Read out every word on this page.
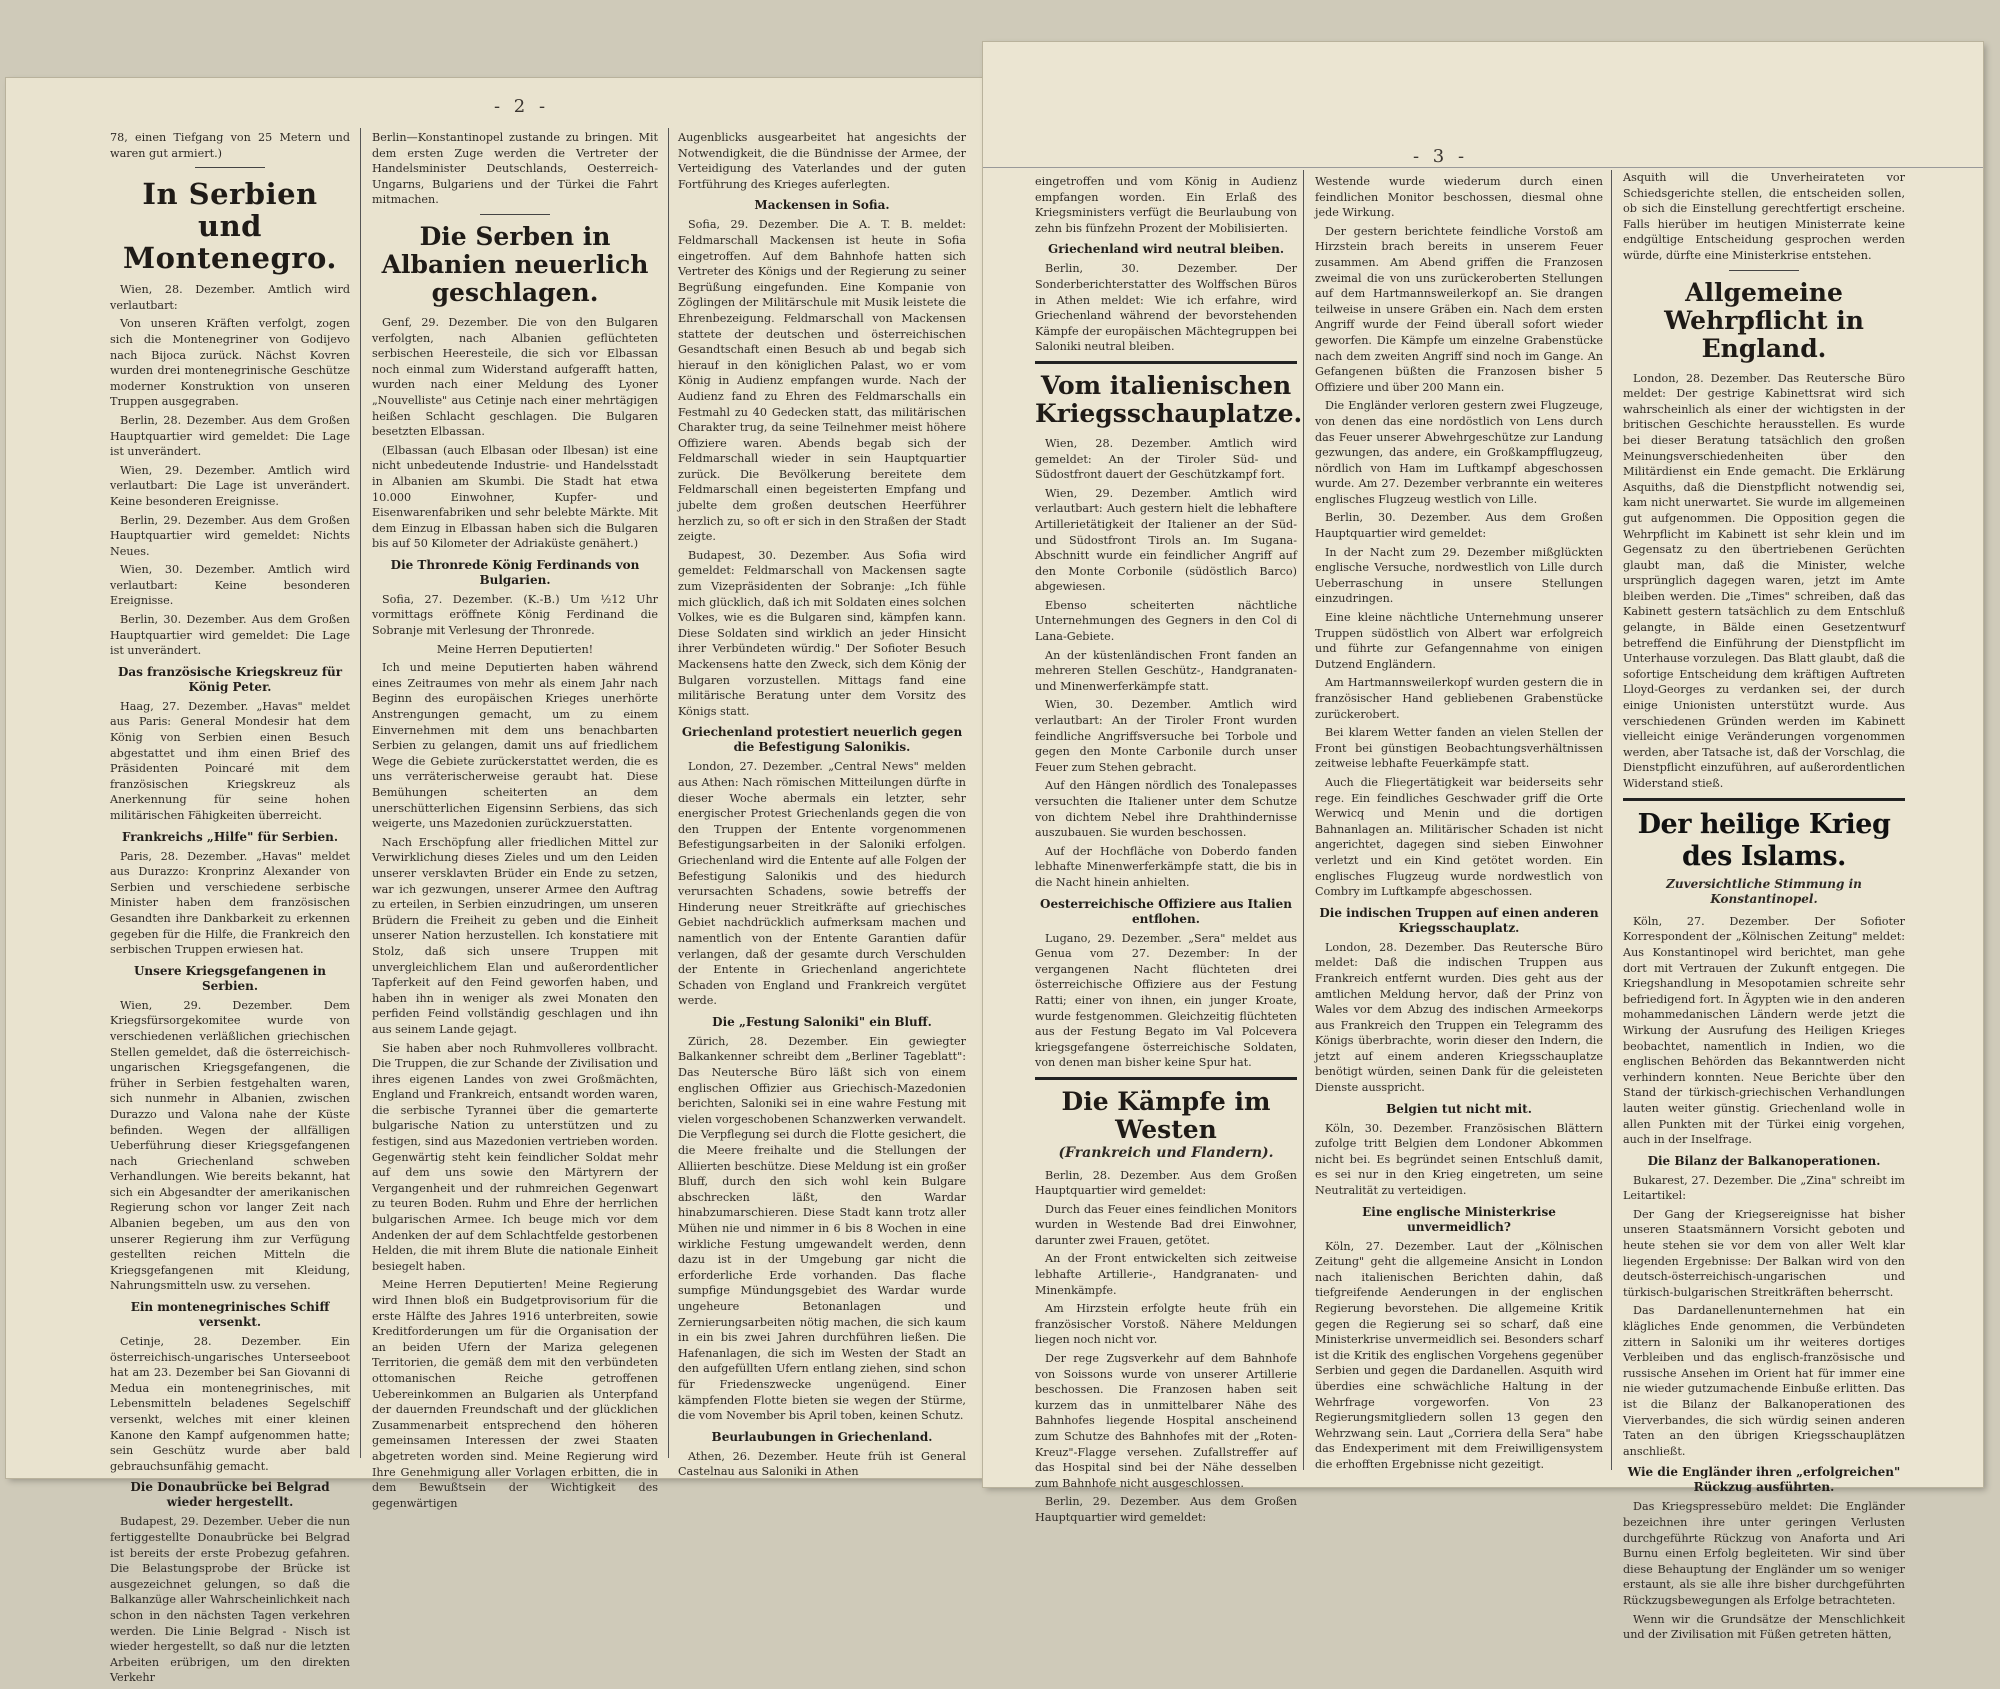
- 2 -

78, einen Tiefgang von 25 Metern und waren gut armiert.)

In Serbien und Montenegro.

Wien, 28. Dezember. Amtlich wird verlautbart:

Von unseren Kräften verfolgt, zogen sich die Montenegriner von Godijevo nach Bijoca zurück. Nächst Kovren wurden drei montenegrinische Geschütze moderner Konstruktion von unseren Truppen ausgegraben.

Berlin, 28. Dezember. Aus dem Großen Hauptquartier wird gemeldet: Die Lage ist unverändert.

Wien, 29. Dezember. Amtlich wird verlautbart: Die Lage ist unverändert. Keine besonderen Ereignisse.

Berlin, 29. Dezember. Aus dem Großen Hauptquartier wird gemeldet: Nichts Neues.

Wien, 30. Dezember. Amtlich wird verlautbart: Keine besonderen Ereignisse.

Berlin, 30. Dezember. Aus dem Großen Hauptquartier wird gemeldet: Die Lage ist unverändert.

Das französische Kriegskreuz für König Peter.

Haag, 27. Dezember. „Havas" meldet aus Paris: General Mondesir hat dem König von Serbien einen Besuch abgestattet und ihm einen Brief des Präsidenten Poincaré mit dem französischen Kriegskreuz als Anerkennung für seine hohen militärischen Fähigkeiten überreicht.

Frankreichs „Hilfe" für Serbien.

Paris, 28. Dezember. „Havas" meldet aus Durazzo: Kronprinz Alexander von Serbien und verschiedene serbische Minister haben dem französischen Gesandten ihre Dankbarkeit zu erkennen gegeben für die Hilfe, die Frankreich den serbischen Truppen erwiesen hat.

Unsere Kriegsgefangenen in Serbien.

Wien, 29. Dezember. Dem Kriegsfürsorgekomitee wurde von verschiedenen verläßlichen griechischen Stellen gemeldet, daß die österreichisch-ungarischen Kriegsgefangenen, die früher in Serbien festgehalten waren, sich nunmehr in Albanien, zwischen Durazzo und Valona nahe der Küste befinden. Wegen der allfälligen Ueberführung dieser Kriegsgefangenen nach Griechenland schweben Verhandlungen. Wie bereits bekannt, hat sich ein Abgesandter der amerikanischen Regierung schon vor langer Zeit nach Albanien begeben, um aus den von unserer Regierung ihm zur Verfügung gestellten reichen Mitteln die Kriegsgefangenen mit Kleidung, Nahrungsmitteln usw. zu versehen.

Ein montenegrinisches Schiff versenkt.

Cetinje, 28. Dezember. Ein österreichisch-ungarisches Unterseeboot hat am 23. Dezember bei San Giovanni di Medua ein montenegrinisches, mit Lebensmitteln beladenes Segelschiff versenkt, welches mit einer kleinen Kanone den Kampf aufgenommen hatte; sein Geschütz wurde aber bald gebrauchsunfähig gemacht.

Die Donaubrücke bei Belgrad wieder hergestellt.

Budapest, 29. Dezember. Ueber die nun fertiggestellte Donaubrücke bei Belgrad ist bereits der erste Probezug gefahren. Die Belastungsprobe der Brücke ist ausgezeichnet gelungen, so daß die Balkanzüge aller Wahrscheinlichkeit nach schon in den nächsten Tagen verkehren werden. Die Linie Belgrad - Nisch ist wieder hergestellt, so daß nur die letzten Arbeiten erübrigen, um den direkten Verkehr

Berlin—Konstantinopel zustande zu bringen. Mit dem ersten Zuge werden die Vertreter der Handelsminister Deutschlands, Oesterreich-Ungarns, Bulgariens und der Türkei die Fahrt mitmachen.

Die Serben in Albanien neuerlich geschlagen.

Genf, 29. Dezember. Die von den Bulgaren verfolgten, nach Albanien geflüchteten serbischen Heeresteile, die sich vor Elbassan noch einmal zum Widerstand aufgerafft hatten, wurden nach einer Meldung des Lyoner „Nouvelliste" aus Cetinje nach einer mehrtägigen heißen Schlacht geschlagen. Die Bulgaren besetzten Elbassan.

(Elbassan (auch Elbasan oder Ilbesan) ist eine nicht unbedeutende Industrie- und Handelsstadt in Albanien am Skumbi. Die Stadt hat etwa 10.000 Einwohner, Kupfer- und Eisenwarenfabriken und sehr belebte Märkte. Mit dem Einzug in Elbassan haben sich die Bulgaren bis auf 50 Kilometer der Adriaküste genähert.)

Die Thronrede König Ferdinands von Bulgarien.

Sofia, 27. Dezember. (K.-B.) Um ½12 Uhr vormittags eröffnete König Ferdinand die Sobranje mit Verlesung der Thronrede.

Meine Herren Deputierten!

Ich und meine Deputierten haben während eines Zeitraumes von mehr als einem Jahr nach Beginn des europäischen Krieges unerhörte Anstrengungen gemacht, um zu einem Einvernehmen mit dem uns benachbarten Serbien zu gelangen, damit uns auf friedlichem Wege die Gebiete zurückerstattet werden, die es uns verräterischerweise geraubt hat. Diese Bemühungen scheiterten an dem unerschütterlichen Eigensinn Serbiens, das sich weigerte, uns Mazedonien zurückzuerstatten.

Nach Erschöpfung aller friedlichen Mittel zur Verwirklichung dieses Zieles und um den Leiden unserer versklavten Brüder ein Ende zu setzen, war ich gezwungen, unserer Armee den Auftrag zu erteilen, in Serbien einzudringen, um unseren Brüdern die Freiheit zu geben und die Einheit unserer Nation herzustellen. Ich konstatiere mit Stolz, daß sich unsere Truppen mit unvergleichlichem Elan und außerordentlicher Tapferkeit auf den Feind geworfen haben, und haben ihn in weniger als zwei Monaten den perfiden Feind vollständig geschlagen und ihn aus seinem Lande gejagt.

Sie haben aber noch Ruhmvolleres vollbracht. Die Truppen, die zur Schande der Zivilisation und ihres eigenen Landes von zwei Großmächten, England und Frankreich, entsandt worden waren, die serbische Tyrannei über die gemarterte bulgarische Nation zu unterstützen und zu festigen, sind aus Mazedonien vertrieben worden. Gegenwärtig steht kein feindlicher Soldat mehr auf dem uns sowie den Märtyrern der Vergangenheit und der ruhmreichen Gegenwart zu teuren Boden. Ruhm und Ehre der herrlichen bulgarischen Armee. Ich beuge mich vor dem Andenken der auf dem Schlachtfelde gestorbenen Helden, die mit ihrem Blute die nationale Einheit besiegelt haben.

Meine Herren Deputierten! Meine Regierung wird Ihnen bloß ein Budgetprovisorium für die erste Hälfte des Jahres 1916 unterbreiten, sowie Kreditforderungen um für die Organisation der an beiden Ufern der Mariza gelegenen Territorien, die gemäß dem mit den verbündeten ottomanischen Reiche getroffenen Uebereinkommen an Bulgarien als Unterpfand der dauernden Freundschaft und der glücklichen Zusammenarbeit entsprechend den höheren gemeinsamen Interessen der zwei Staaten abgetreten worden sind. Meine Regierung wird Ihre Genehmigung aller Vorlagen erbitten, die in dem Bewußtsein der Wichtigkeit des gegenwärtigen

Augenblicks ausgearbeitet hat angesichts der Notwendigkeit, die die Bündnisse der Armee, der Verteidigung des Vaterlandes und der guten Fortführung des Krieges auferlegten.

Mackensen in Sofia.

Sofia, 29. Dezember. Die A. T. B. meldet: Feldmarschall Mackensen ist heute in Sofia eingetroffen. Auf dem Bahnhofe hatten sich Vertreter des Königs und der Regierung zu seiner Begrüßung eingefunden. Eine Kompanie von Zöglingen der Militärschule mit Musik leistete die Ehrenbezeigung. Feldmarschall von Mackensen stattete der deutschen und österreichischen Gesandtschaft einen Besuch ab und begab sich hierauf in den königlichen Palast, wo er vom König in Audienz empfangen wurde. Nach der Audienz fand zu Ehren des Feldmarschalls ein Festmahl zu 40 Gedecken statt, das militärischen Charakter trug, da seine Teilnehmer meist höhere Offiziere waren. Abends begab sich der Feldmarschall wieder in sein Hauptquartier zurück. Die Bevölkerung bereitete dem Feldmarschall einen begeisterten Empfang und jubelte dem großen deutschen Heerführer herzlich zu, so oft er sich in den Straßen der Stadt zeigte.

Budapest, 30. Dezember. Aus Sofia wird gemeldet: Feldmarschall von Mackensen sagte zum Vizepräsidenten der Sobranje: „Ich fühle mich glücklich, daß ich mit Soldaten eines solchen Volkes, wie es die Bulgaren sind, kämpfen kann. Diese Soldaten sind wirklich an jeder Hinsicht ihrer Verbündeten würdig." Der Sofioter Besuch Mackensens hatte den Zweck, sich dem König der Bulgaren vorzustellen. Mittags fand eine militärische Beratung unter dem Vorsitz des Königs statt.

Griechenland protestiert neuerlich gegen die Befestigung Salonikis.

London, 27. Dezember. „Central News" melden aus Athen: Nach römischen Mitteilungen dürfte in dieser Woche abermals ein letzter, sehr energischer Protest Griechenlands gegen die von den Truppen der Entente vorgenommenen Befestigungsarbeiten in der Saloniki erfolgen. Griechenland wird die Entente auf alle Folgen der Befestigung Salonikis und des hiedurch verursachten Schadens, sowie betreffs der Hinderung neuer Streitkräfte auf griechisches Gebiet nachdrücklich aufmerksam machen und namentlich von der Entente Garantien dafür verlangen, daß der gesamte durch Verschulden der Entente in Griechenland angerichtete Schaden von England und Frankreich vergütet werde.

Die „Festung Saloniki" ein Bluff.

Zürich, 28. Dezember. Ein gewiegter Balkankenner schreibt dem „Berliner Tageblatt": Das Neutersche Büro läßt sich von einem englischen Offizier aus Griechisch-Mazedonien berichten, Saloniki sei in eine wahre Festung mit vielen vorgeschobenen Schanzwerken verwandelt. Die Verpflegung sei durch die Flotte gesichert, die die Meere freihalte und die Stellungen der Alliierten beschütze. Diese Meldung ist ein großer Bluff, durch den sich wohl kein Bulgare abschrecken läßt, den Wardar hinabzumarschieren. Diese Stadt kann trotz aller Mühen nie und nimmer in 6 bis 8 Wochen in eine wirkliche Festung umgewandelt werden, denn dazu ist in der Umgebung gar nicht die erforderliche Erde vorhanden. Das flache sumpfige Mündungsgebiet des Wardar wurde ungeheure Betonanlagen und Zernierungsarbeiten nötig machen, die sich kaum in ein bis zwei Jahren durchführen ließen. Die Hafenanlagen, die sich im Westen der Stadt an den aufgefüllten Ufern entlang ziehen, sind schon für Friedenszwecke ungenügend. Einer kämpfenden Flotte bieten sie wegen der Stürme, die vom November bis April toben, keinen Schutz.

Beurlaubungen in Griechenland.

Athen, 26. Dezember. Heute früh ist General Castelnau aus Saloniki in Athen

- 3 -

eingetroffen und vom König in Audienz empfangen worden. Ein Erlaß des Kriegsministers verfügt die Beurlaubung von zehn bis fünfzehn Prozent der Mobilisierten.

Griechenland wird neutral bleiben.

Berlin, 30. Dezember. Der Sonderberichterstatter des Wolffschen Büros in Athen meldet: Wie ich erfahre, wird Griechenland während der bevorstehenden Kämpfe der europäischen Mächtegruppen bei Saloniki neutral bleiben.

Vom italienischen Kriegsschauplatze.

Wien, 28. Dezember. Amtlich wird gemeldet: An der Tiroler Süd- und Südostfront dauert der Geschützkampf fort.

Wien, 29. Dezember. Amtlich wird verlautbart: Auch gestern hielt die lebhaftere Artillerietätigkeit der Italiener an der Süd- und Südostfront Tirols an. Im Sugana-Abschnitt wurde ein feindlicher Angriff auf den Monte Corbonile (südöstlich Barco) abgewiesen.

Ebenso scheiterten nächtliche Unternehmungen des Gegners in den Col di Lana-Gebiete.

An der küstenländischen Front fanden an mehreren Stellen Geschütz-, Handgranaten- und Minenwerferkämpfe statt.

Wien, 30. Dezember. Amtlich wird verlautbart: An der Tiroler Front wurden feindliche Angriffsversuche bei Torbole und gegen den Monte Carbonile durch unser Feuer zum Stehen gebracht.

Auf den Hängen nördlich des Tonalepasses versuchten die Italiener unter dem Schutze von dichtem Nebel ihre Drahthindernisse auszubauen. Sie wurden beschossen.

Auf der Hochfläche von Doberdo fanden lebhafte Minenwerferkämpfe statt, die bis in die Nacht hinein anhielten.

Oesterreichische Offiziere aus Italien entflohen.

Lugano, 29. Dezember. „Sera" meldet aus Genua vom 27. Dezember: In der vergangenen Nacht flüchteten drei österreichische Offiziere aus der Festung Ratti; einer von ihnen, ein junger Kroate, wurde festgenommen. Gleichzeitig flüchteten aus der Festung Begato im Val Polcevera kriegsgefangene österreichische Soldaten, von denen man bisher keine Spur hat.

Die Kämpfe im Westen
(Frankreich und Flandern).

Berlin, 28. Dezember. Aus dem Großen Hauptquartier wird gemeldet:

Durch das Feuer eines feindlichen Monitors wurden in Westende Bad drei Einwohner, darunter zwei Frauen, getötet.

An der Front entwickelten sich zeitweise lebhafte Artillerie-, Handgranaten- und Minenkämpfe.

Am Hirzstein erfolgte heute früh ein französischer Vorstoß. Nähere Meldungen liegen noch nicht vor.

Der rege Zugsverkehr auf dem Bahnhofe von Soissons wurde von unserer Artillerie beschossen. Die Franzosen haben seit kurzem das in unmittelbarer Nähe des Bahnhofes liegende Hospital anscheinend zum Schutze des Bahnhofes mit der „Roten-Kreuz"-Flagge versehen. Zufallstreffer auf das Hospital sind bei der Nähe desselben zum Bahnhofe nicht ausgeschlossen.

Berlin, 29. Dezember. Aus dem Großen Hauptquartier wird gemeldet:

Westende wurde wiederum durch einen feindlichen Monitor beschossen, diesmal ohne jede Wirkung.

Der gestern berichtete feindliche Vorstoß am Hirzstein brach bereits in unserem Feuer zusammen. Am Abend griffen die Franzosen zweimal die von uns zurückeroberten Stellungen auf dem Hartmannsweilerkopf an. Sie drangen teilweise in unsere Gräben ein. Nach dem ersten Angriff wurde der Feind überall sofort wieder geworfen. Die Kämpfe um einzelne Grabenstücke nach dem zweiten Angriff sind noch im Gange. An Gefangenen büßten die Franzosen bisher 5 Offiziere und über 200 Mann ein.

Die Engländer verloren gestern zwei Flugzeuge, von denen das eine nordöstlich von Lens durch das Feuer unserer Abwehrgeschütze zur Landung gezwungen, das andere, ein Großkampfflugzeug, nördlich von Ham im Luftkampf abgeschossen wurde. Am 27. Dezember verbrannte ein weiteres englisches Flugzeug westlich von Lille.

Berlin, 30. Dezember. Aus dem Großen Hauptquartier wird gemeldet:

In der Nacht zum 29. Dezember mißglückten englische Versuche, nordwestlich von Lille durch Ueberraschung in unsere Stellungen einzudringen.

Eine kleine nächtliche Unternehmung unserer Truppen südöstlich von Albert war erfolgreich und führte zur Gefangennahme von einigen Dutzend Engländern.

Am Hartmannsweilerkopf wurden gestern die in französischer Hand gebliebenen Grabenstücke zurückerobert.

Bei klarem Wetter fanden an vielen Stellen der Front bei günstigen Beobachtungsverhältnissen zeitweise lebhafte Feuerkämpfe statt.

Auch die Fliegertätigkeit war beiderseits sehr rege. Ein feindliches Geschwader griff die Orte Werwicq und Menin und die dortigen Bahnanlagen an. Militärischer Schaden ist nicht angerichtet, dagegen sind sieben Einwohner verletzt und ein Kind getötet worden. Ein englisches Flugzeug wurde nordwestlich von Combry im Luftkampfe abgeschossen.

Die indischen Truppen auf einen anderen Kriegsschauplatz.

London, 28. Dezember. Das Reutersche Büro meldet: Daß die indischen Truppen aus Frankreich entfernt wurden. Dies geht aus der amtlichen Meldung hervor, daß der Prinz von Wales vor dem Abzug des indischen Armeekorps aus Frankreich den Truppen ein Telegramm des Königs überbrachte, worin dieser den Indern, die jetzt auf einem anderen Kriegsschauplatze benötigt würden, seinen Dank für die geleisteten Dienste ausspricht.

Belgien tut nicht mit.

Köln, 30. Dezember. Französischen Blättern zufolge tritt Belgien dem Londoner Abkommen nicht bei. Es begründet seinen Entschluß damit, es sei nur in den Krieg eingetreten, um seine Neutralität zu verteidigen.

Eine englische Ministerkrise unvermeidlich?

Köln, 27. Dezember. Laut der „Kölnischen Zeitung" geht die allgemeine Ansicht in London nach italienischen Berichten dahin, daß tiefgreifende Aenderungen in der englischen Regierung bevorstehen. Die allgemeine Kritik gegen die Regierung sei so scharf, daß eine Ministerkrise unvermeidlich sei. Besonders scharf ist die Kritik des englischen Vorgehens gegenüber Serbien und gegen die Dardanellen. Asquith wird überdies eine schwächliche Haltung in der Wehrfrage vorgeworfen. Von 23 Regierungsmitgliedern sollen 13 gegen den Wehrzwang sein. Laut „Corriera della Sera" habe das Endexperiment mit dem Freiwilligensystem die erhofften Ergebnisse nicht gezeitigt.

Asquith will die Unverheirateten vor Schiedsgerichte stellen, die entscheiden sollen, ob sich die Einstellung gerechtfertigt erscheine. Falls hierüber im heutigen Ministerrate keine endgültige Entscheidung gesprochen werden würde, dürfte eine Ministerkrise entstehen.

Allgemeine Wehrpflicht in England.

London, 28. Dezember. Das Reutersche Büro meldet: Der gestrige Kabinettsrat wird sich wahrscheinlich als einer der wichtigsten in der britischen Geschichte herausstellen. Es wurde bei dieser Beratung tatsächlich den großen Meinungsverschiedenheiten über den Militärdienst ein Ende gemacht. Die Erklärung Asquiths, daß die Dienstpflicht notwendig sei, kam nicht unerwartet. Sie wurde im allgemeinen gut aufgenommen. Die Opposition gegen die Wehrpflicht im Kabinett ist sehr klein und im Gegensatz zu den übertriebenen Gerüchten glaubt man, daß die Minister, welche ursprünglich dagegen waren, jetzt im Amte bleiben werden. Die „Times" schreiben, daß das Kabinett gestern tatsächlich zu dem Entschluß gelangte, in Bälde einen Gesetzentwurf betreffend die Einführung der Dienstpflicht im Unterhause vorzulegen. Das Blatt glaubt, daß die sofortige Entscheidung dem kräftigen Auftreten Lloyd-Georges zu verdanken sei, der durch einige Unionisten unterstützt wurde. Aus verschiedenen Gründen werden im Kabinett vielleicht einige Veränderungen vorgenommen werden, aber Tatsache ist, daß der Vorschlag, die Dienstpflicht einzuführen, auf außerordentlichen Widerstand stieß.

Der heilige Krieg des Islams.
Zuversichtliche Stimmung in Konstantinopel.

Köln, 27. Dezember. Der Sofioter Korrespondent der „Kölnischen Zeitung" meldet: Aus Konstantinopel wird berichtet, man gehe dort mit Vertrauen der Zukunft entgegen. Die Kriegshandlung in Mesopotamien schreite sehr befriedigend fort. In Ägypten wie in den anderen mohammedanischen Ländern werde jetzt die Wirkung der Ausrufung des Heiligen Krieges beobachtet, namentlich in Indien, wo die englischen Behörden das Bekanntwerden nicht verhindern konnten. Neue Berichte über den Stand der türkisch-griechischen Verhandlungen lauten weiter günstig. Griechenland wolle in allen Punkten mit der Türkei einig vorgehen, auch in der Inselfrage.

Die Bilanz der Balkanoperationen.

Bukarest, 27. Dezember. Die „Zina" schreibt im Leitartikel:

Der Gang der Kriegsereignisse hat bisher unseren Staatsmännern Vorsicht geboten und heute stehen sie vor dem von aller Welt klar liegenden Ergebnisse: Der Balkan wird von den deutsch-österreichisch-ungarischen und türkisch-bulgarischen Streitkräften beherrscht.

Das Dardanellenunternehmen hat ein klägliches Ende genommen, die Verbündeten zittern in Saloniki um ihr weiteres dortiges Verbleiben und das englisch-französische und russische Ansehen im Orient hat für immer eine nie wieder gutzumachende Einbuße erlitten. Das ist die Bilanz der Balkanoperationen des Vierverbandes, die sich würdig seinen anderen Taten an den übrigen Kriegsschauplätzen anschließt.

Wie die Engländer ihren „erfolgreichen" Rückzug ausführten.

Das Kriegspressebüro meldet: Die Engländer bezeichnen ihre unter geringen Verlusten durchgeführte Rückzug von Anaforta und Ari Burnu einen Erfolg begleiteten. Wir sind über diese Behauptung der Engländer um so weniger erstaunt, als sie alle ihre bisher durchgeführten Rückzugsbewegungen als Erfolge betrachteten.

Wenn wir die Grundsätze der Menschlichkeit und der Zivilisation mit Füßen getreten hätten,
